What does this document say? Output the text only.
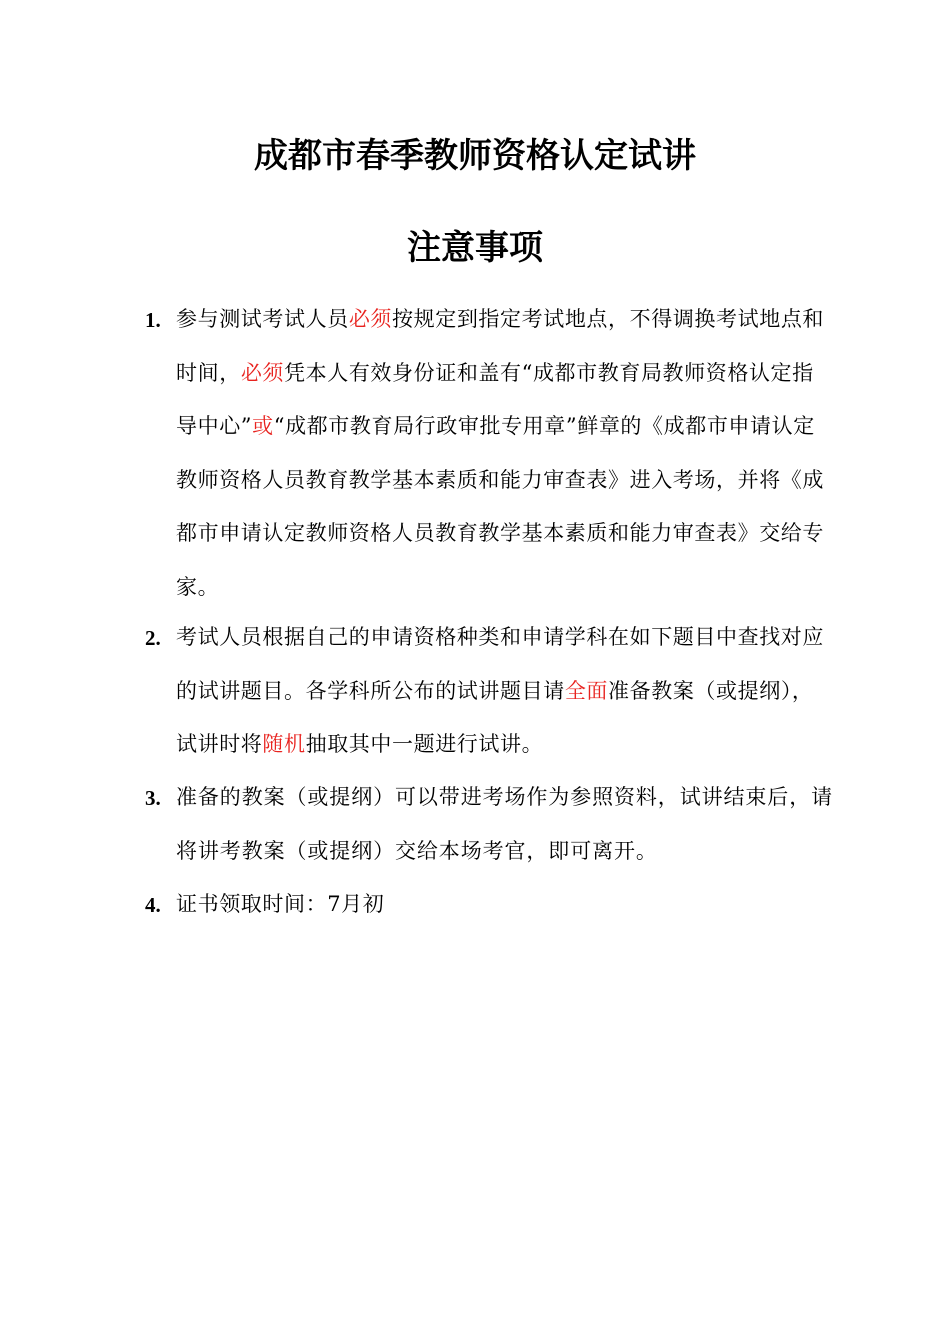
成都市春季教师资格认定试讲
注意事项
1. 参与测试考试人员必须按规定到指定考试地点，不得调换考试地点和时间，必须凭本人有效身份证和盖有“成都市教育局教师资格认定指导中心”或“成都市教育局行政审批专用章”鲜章的《成都市申请认定教师资格人员教育教学基本素质和能力审查表》进入考场，并将《成都市申请认定教师资格人员教育教学基本素质和能力审查表》交给专家。
2. 考试人员根据自己的申请资格种类和申请学科在如下题目中查找对应的试讲题目。各学科所公布的试讲题目请全面准备教案（或提纲），试讲时将随机抽取其中一题进行试讲。
3. 准备的教案（或提纲）可以带进考场作为参照资料，试讲结束后，请将讲考教案（或提纲）交给本场考官，即可离开。
4. 证书领取时间：7月初
